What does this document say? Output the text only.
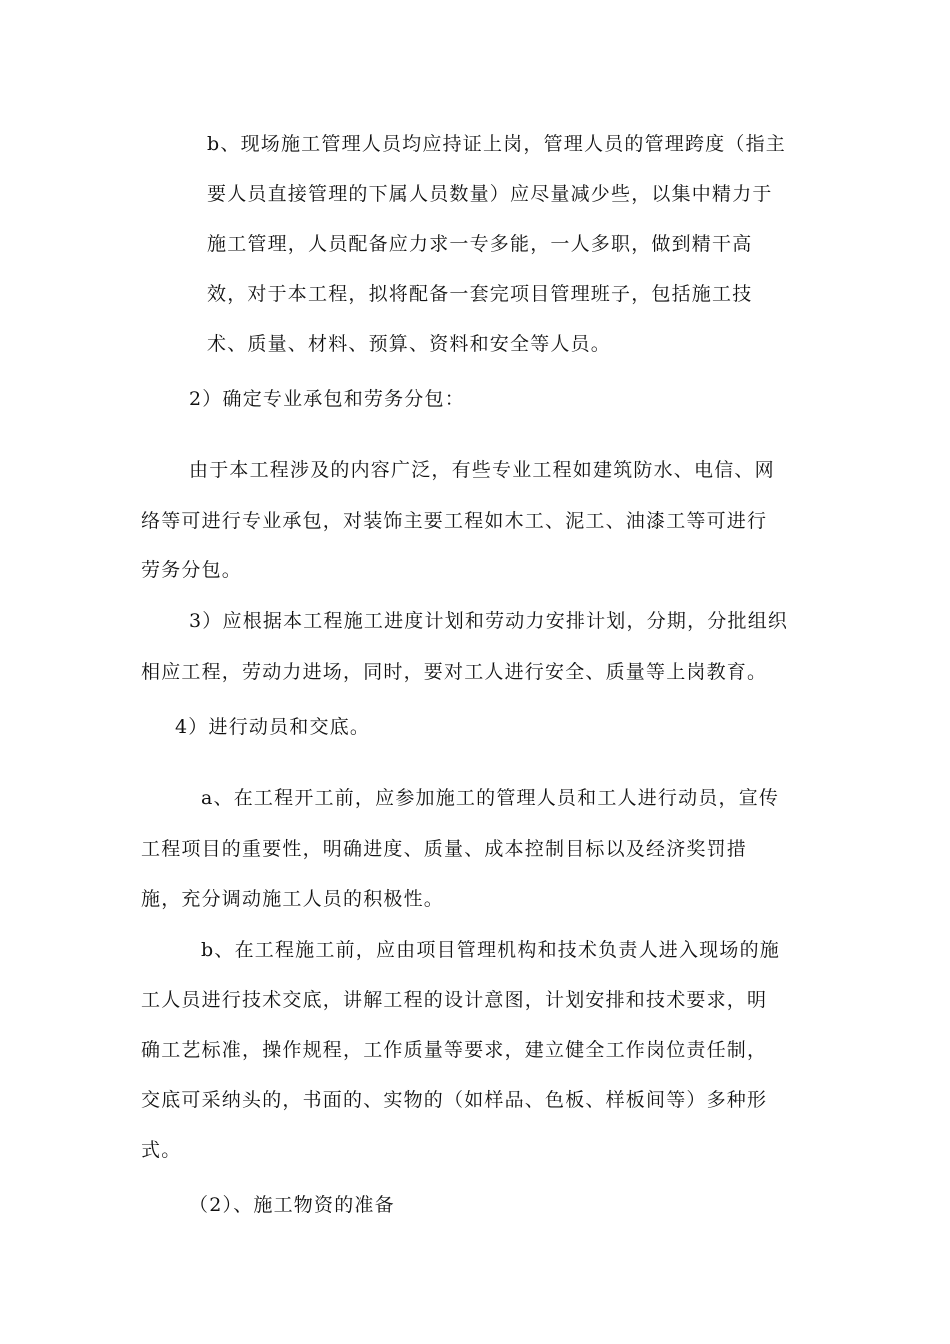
b、现场施工管理人员均应持证上岗，管理人员的管理跨度（指主
要人员直接管理的下属人员数量）应尽量减少些，以集中精力于
施工管理，人员配备应力求一专多能，一人多职，做到精干高
效，对于本工程，拟将配备一套完项目管理班子，包括施工技
术、质量、材料、预算、资料和安全等人员。
2）确定专业承包和劳务分包：
由于本工程涉及的内容广泛，有些专业工程如建筑防水、电信、网
络等可进行专业承包，对装饰主要工程如木工、泥工、油漆工等可进行
劳务分包。
3）应根据本工程施工进度计划和劳动力安排计划，分期，分批组织
相应工程，劳动力进场，同时，要对工人进行安全、质量等上岗教育。
4）进行动员和交底。
a、在工程开工前，应参加施工的管理人员和工人进行动员，宣传
工程项目的重要性，明确进度、质量、成本控制目标以及经济奖罚措
施，充分调动施工人员的积极性。
b、在工程施工前，应由项目管理机构和技术负责人进入现场的施
工人员进行技术交底，讲解工程的设计意图，计划安排和技术要求，明
确工艺标准，操作规程，工作质量等要求，建立健全工作岗位责任制，
交底可采纳头的，书面的、实物的（如样品、色板、样板间等）多种形
式。
（2）、施工物资的准备
